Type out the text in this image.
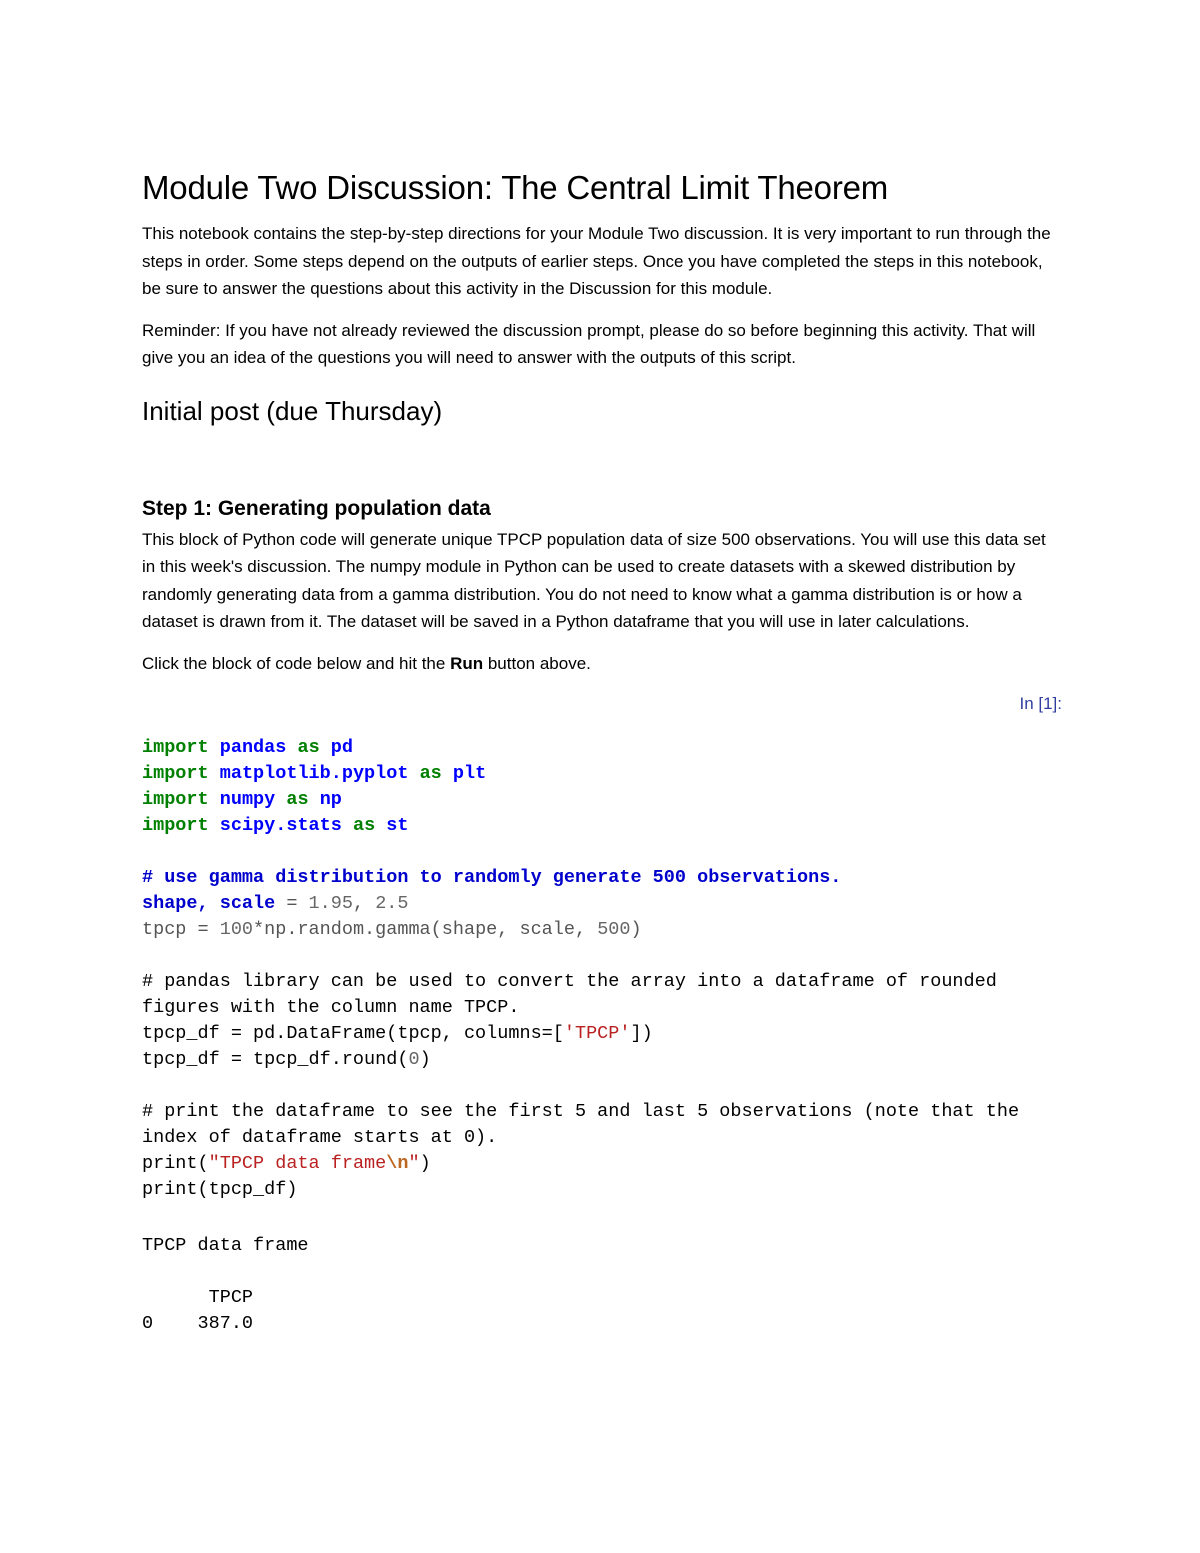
Module Two Discussion: The Central Limit Theorem

This notebook contains the step-by-step directions for your Module Two discussion. It is very important to run through the steps in order. Some steps depend on the outputs of earlier steps. Once you have completed the steps in this notebook, be sure to answer the questions about this activity in the Discussion for this module.

Reminder: If you have not already reviewed the discussion prompt, please do so before beginning this activity. That will give you an idea of the questions you will need to answer with the outputs of this script.

Initial post (due Thursday)
Step 1: Generating population data

This block of Python code will generate unique TPCP population data of size 500 observations. You will use this data set in this week's discussion. The numpy module in Python can be used to create datasets with a skewed distribution by randomly generating data from a gamma distribution. You do not need to know what a gamma distribution is or how a dataset is drawn from it. The dataset will be saved in a Python dataframe that you will use in later calculations.

Click the block of code below and hit the Run button above.

In [1]:
import pandas as pd
import matplotlib.pyplot as plt
import numpy as np
import scipy.stats as st

# use gamma distribution to randomly generate 500 observations.
shape, scale = 1.95, 2.5
tpcp = 100*np.random.gamma(shape, scale, 500)

# pandas library can be used to convert the array into a dataframe of rounded
figures with the column name TPCP.
tpcp_df = pd.DataFrame(tpcp, columns=['TPCP'])
tpcp_df = tpcp_df.round(0)

# print the dataframe to see the first 5 and last 5 observations (note that the
index of dataframe starts at 0).
print("TPCP data frame\n")
print(tpcp_df)
TPCP data frame

TPCP
0    387.0
